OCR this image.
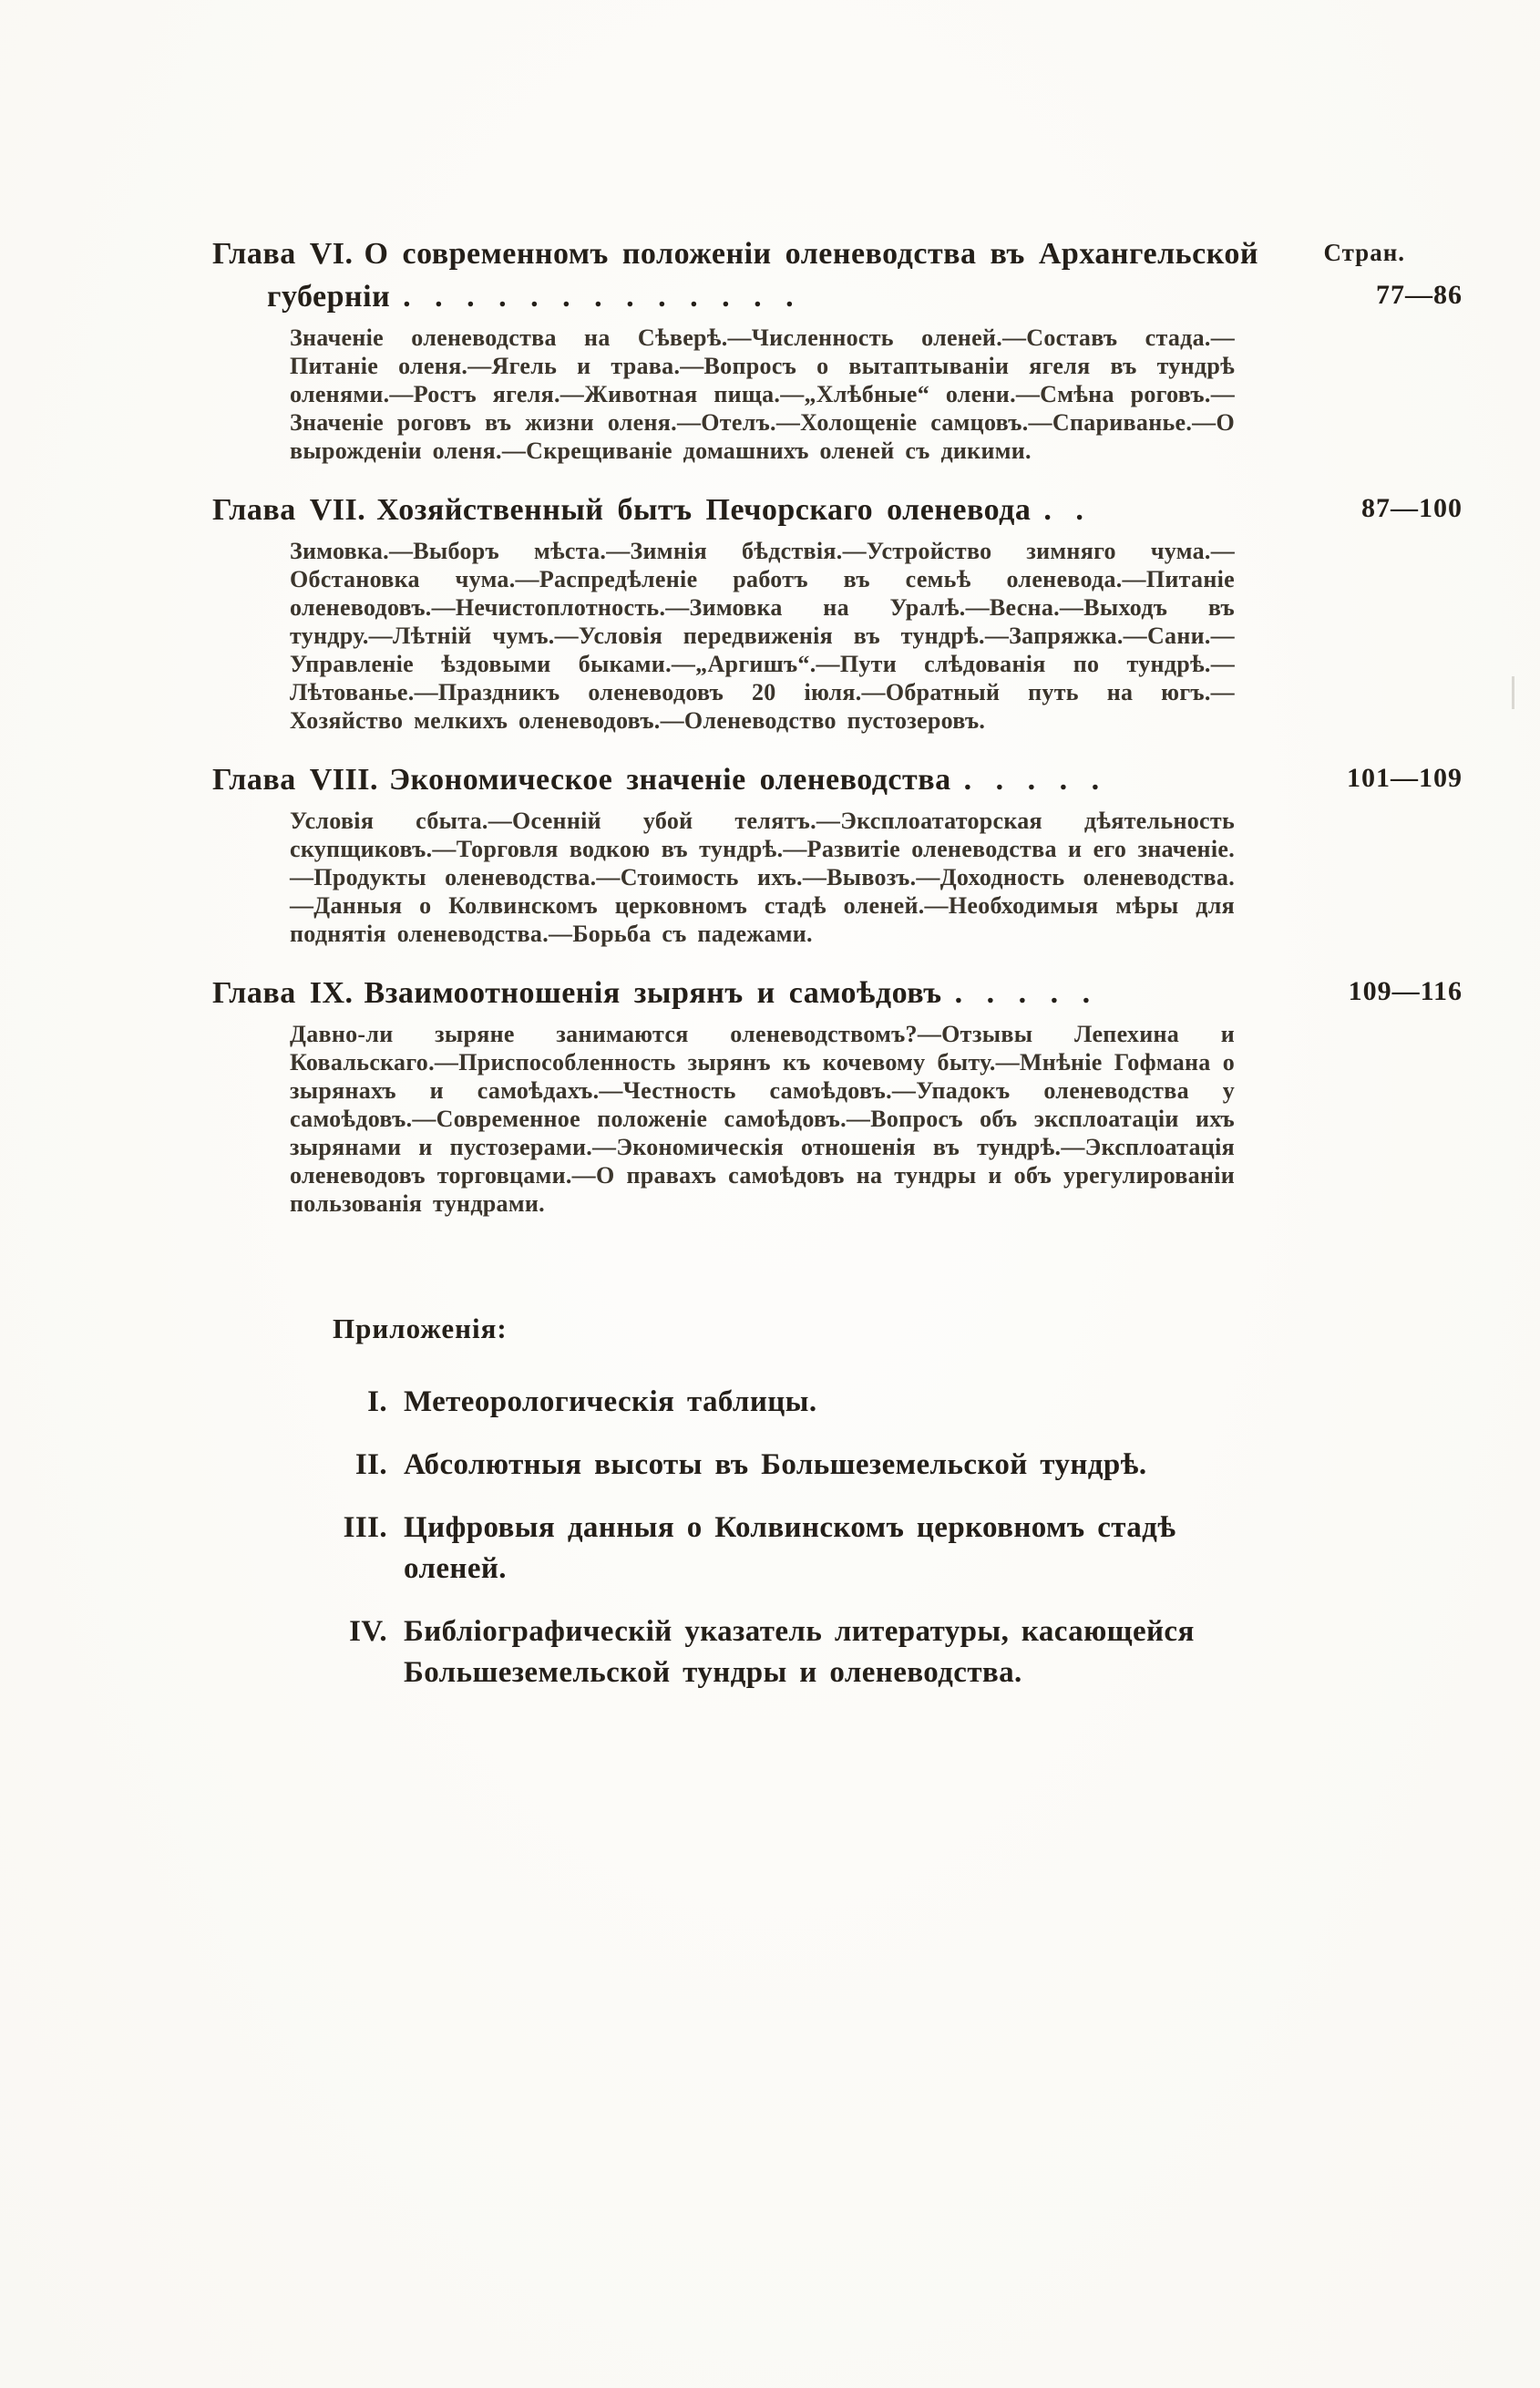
Стран.
Глава VI. О современномъ положеніи оленеводства въ Архангельской губерніи . . . . . . . . . . . . .	77—86

Значеніе оленеводства на Сѣверѣ.—Численность оленей.—Составъ стада.—Питаніе оленя.—Ягель и трава.—Вопросъ о вытаптываніи ягеля въ тундрѣ оленями.—Ростъ ягеля.—Животная пища.—„Хлѣбные“ олени.—Смѣна роговъ.—Значеніе роговъ въ жизни оленя.—Отелъ.—Холощеніе самцовъ.—Спариванье.—О вырожденіи оленя.—Скрещиваніе домашнихъ оленей съ дикими.

Глава VII. Хозяйственный бытъ Печорскаго оленевода . .	87—100

Зимовка.—Выборъ мѣста.—Зимнія бѣдствія.—Устройство зимняго чума.—Обстановка чума.—Распредѣленіе работъ въ семьѣ оленевода.—Питаніе оленеводовъ.—Нечистоплотность.—Зимовка на Уралѣ.—Весна.—Выходъ въ тундру.—Лѣтній чумъ.—Условія передвиженія въ тундрѣ.—Запряжка.—Сани.—Управленіе ѣздовыми быками.—„Аргишъ“.—Пути слѣдованія по тундрѣ.—Лѣтованье.—Праздникъ оленеводовъ 20 іюля.—Обратный путь на югъ.—Хозяйство мелкихъ оленеводовъ.—Оленеводство пустозеровъ.

Глава VIII. Экономическое значеніе оленеводства . . . . .	101—109

Условія сбыта.—Осенній убой телятъ.—Эксплоататорская дѣятельность скупщиковъ.—Торговля водкою въ тундрѣ.—Развитіе оленеводства и его значеніе.—Продукты оленеводства.—Стоимость ихъ.—Вывозъ.—Доходность оленеводства.—Данныя о Колвинскомъ церковномъ стадѣ оленей.—Необходимыя мѣры для поднятія оленеводства.—Борьба съ падежами.

Глава IX. Взаимоотношенія зырянъ и самоѣдовъ . . . . .	109—116

Давно-ли зыряне занимаются оленеводствомъ?—Отзывы Лепехина и Ковальскаго.—Приспособленность зырянъ къ кочевому быту.—Мнѣніе Гофмана о зырянахъ и самоѣдахъ.—Честность самоѣдовъ.—Упадокъ оленеводства у самоѣдовъ.—Современное положеніе самоѣдовъ.—Вопросъ объ эксплоатаціи ихъ зырянами и пустозерами.—Экономическія отношенія въ тундрѣ.—Эксплоатація оленеводовъ торговцами.—О правахъ самоѣдовъ на тундры и объ урегулированіи пользованія тундрами.

Приложенія:
I. Метеорологическія таблицы.
II. Абсолютныя высоты въ Большеземельской тундрѣ.
III. Цифровыя данныя о Колвинскомъ церковномъ стадѣ оленей.
IV. Библіографическій указатель литературы, касающейся Большеземельской тундры и оленеводства.
